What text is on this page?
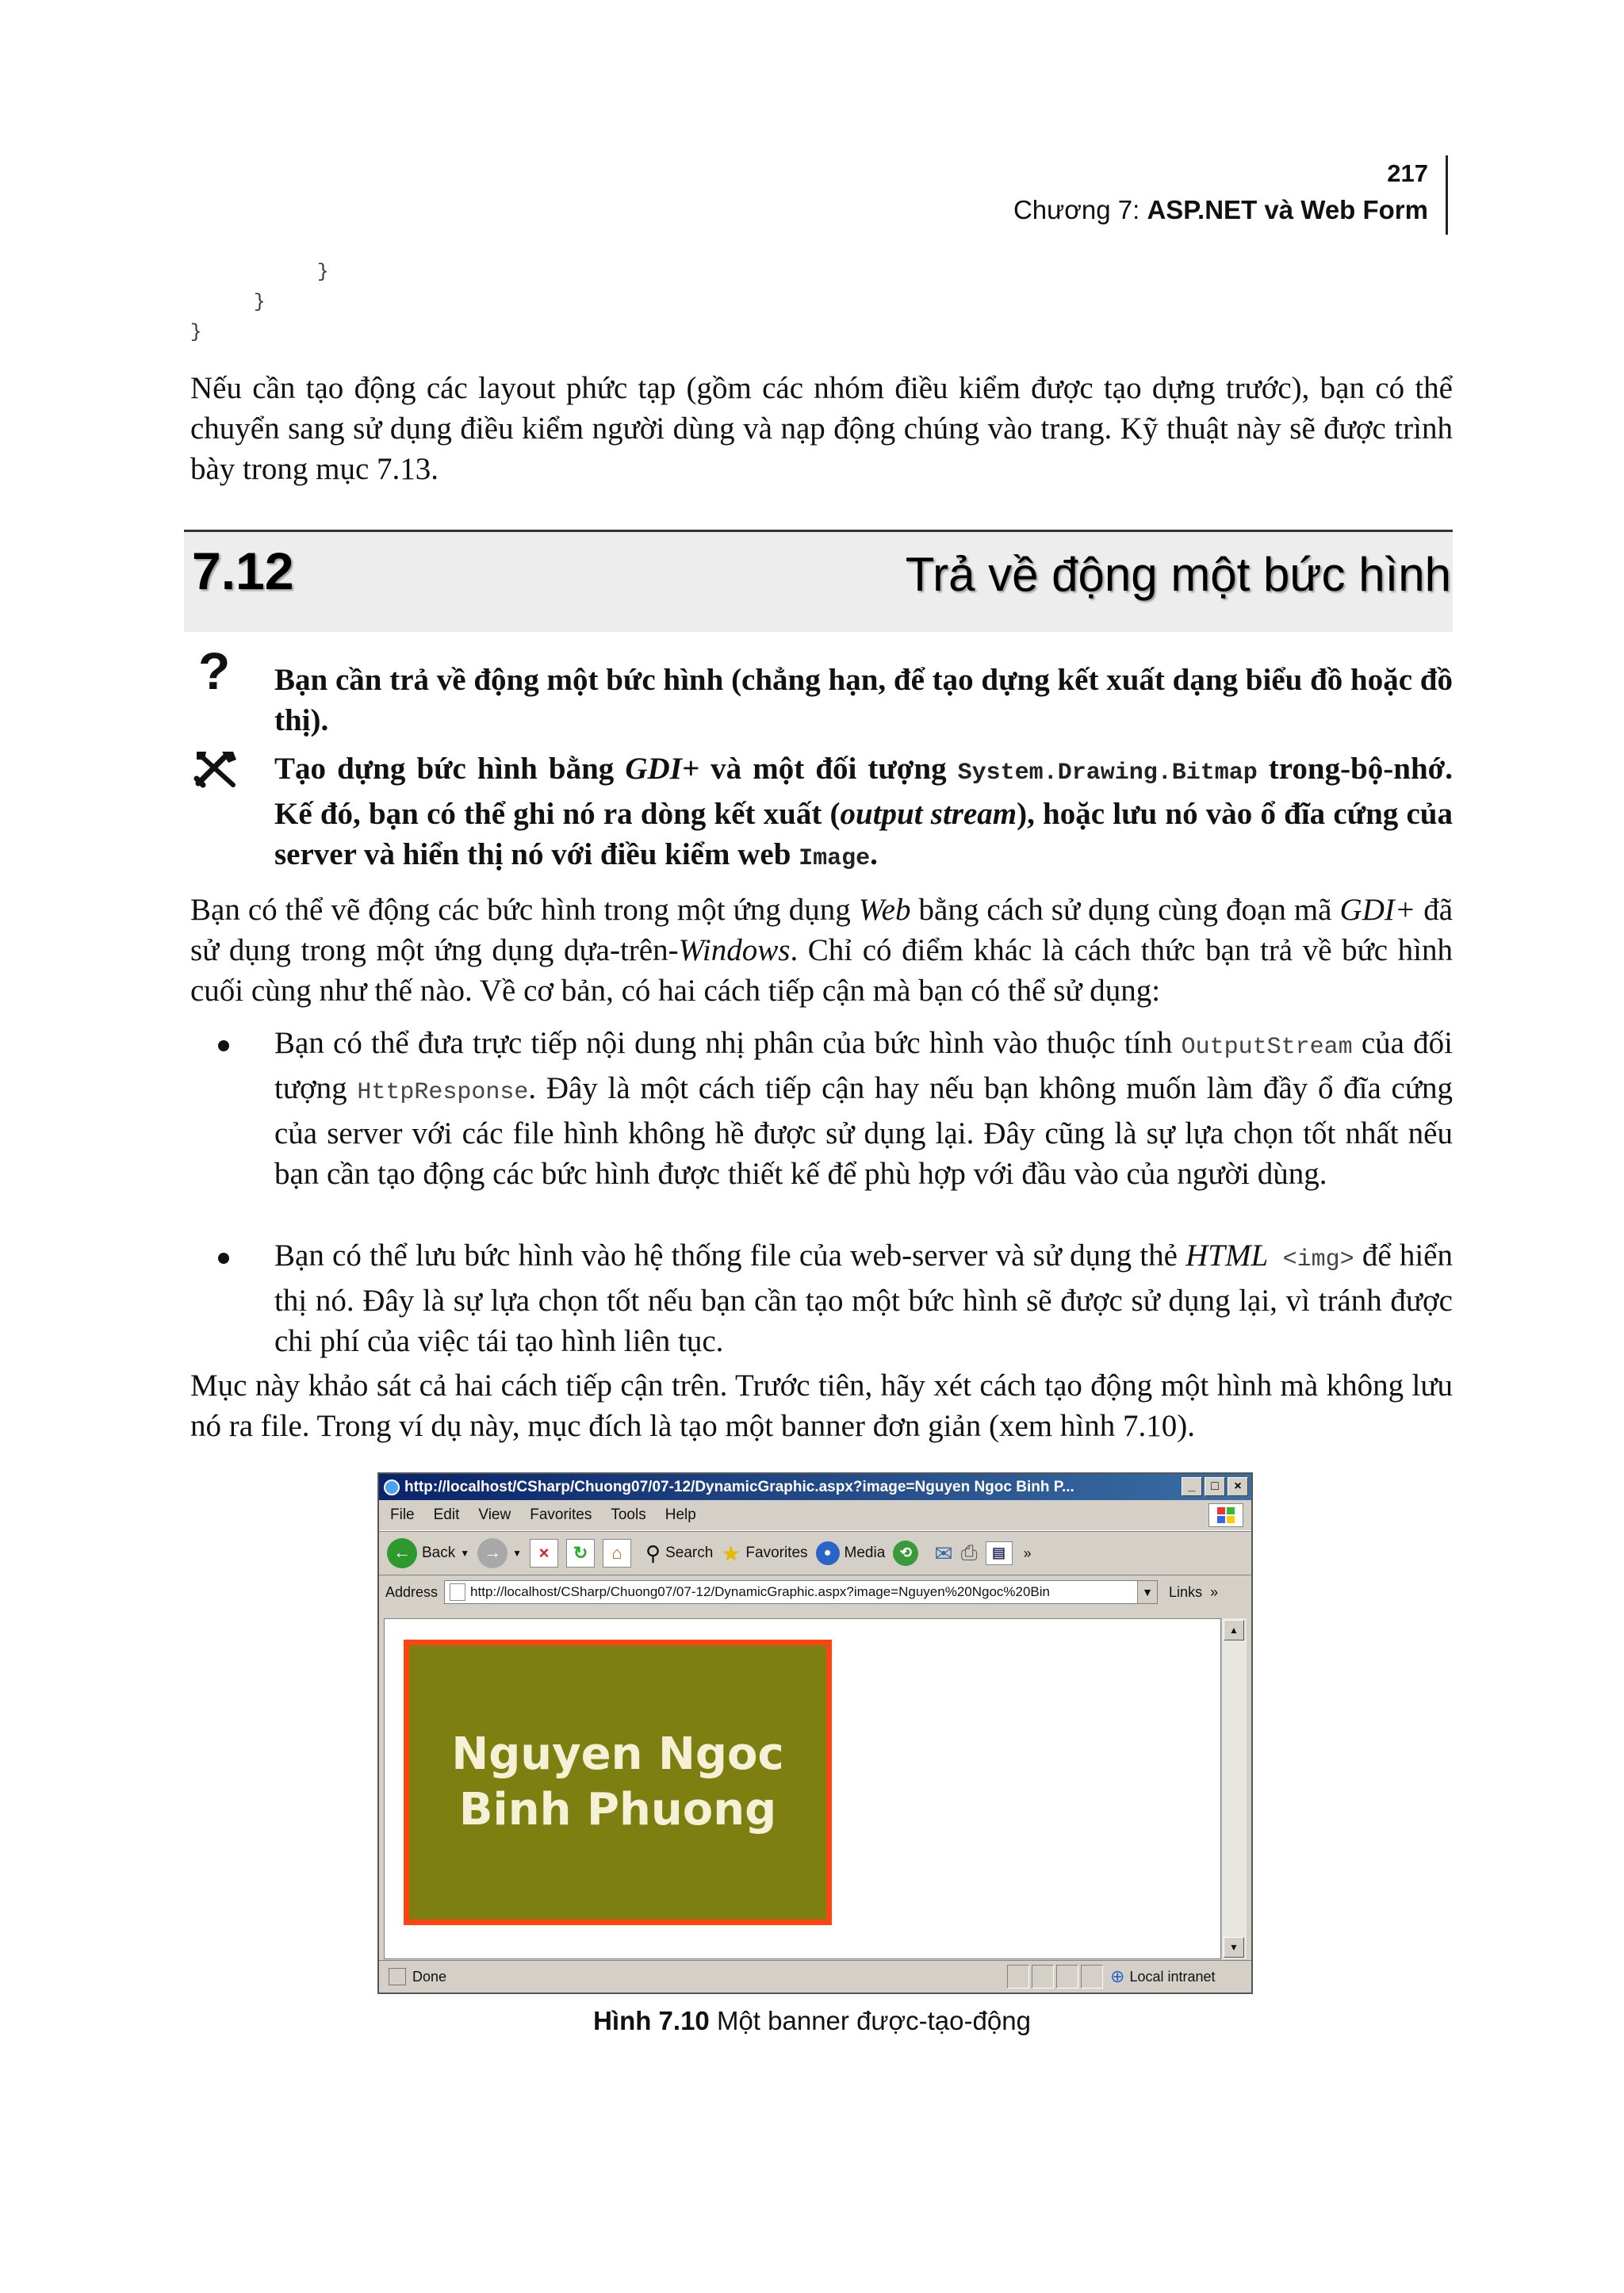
217
Chương 7: ASP.NET và Web Form
}
}
}
Nếu cần tạo động các layout phức tạp (gồm các nhóm điều kiểm được tạo dựng trước), bạn có thể chuyển sang sử dụng điều kiểm người dùng và nạp động chúng vào trang. Kỹ thuật này sẽ được trình bày trong mục 7.13.
7.12	Trả về động một bức hình
? Bạn cần trả về động một bức hình (chẳng hạn, để tạo dựng kết xuất dạng biểu đồ hoặc đồ thị).
Tạo dựng bức hình bằng GDI+ và một đối tượng System.Drawing.Bitmap trong-bộ-nhớ. Kế đó, bạn có thể ghi nó ra dòng kết xuất (output stream), hoặc lưu nó vào ổ đĩa cứng của server và hiển thị nó với điều kiểm web Image.
Bạn có thể vẽ động các bức hình trong một ứng dụng Web bằng cách sử dụng cùng đoạn mã GDI+ đã sử dụng trong một ứng dụng dựa-trên-Windows. Chỉ có điểm khác là cách thức bạn trả về bức hình cuối cùng như thế nào. Về cơ bản, có hai cách tiếp cận mà bạn có thể sử dụng:
Bạn có thể đưa trực tiếp nội dung nhị phân của bức hình vào thuộc tính OutputStream của đối tượng HttpResponse. Đây là một cách tiếp cận hay nếu bạn không muốn làm đầy ổ đĩa cứng của server với các file hình không hề được sử dụng lại. Đây cũng là sự lựa chọn tốt nhất nếu bạn cần tạo động các bức hình được thiết kế để phù hợp với đầu vào của người dùng.
Bạn có thể lưu bức hình vào hệ thống file của web-server và sử dụng thẻ HTML <img> để hiển thị nó. Đây là sự lựa chọn tốt nếu bạn cần tạo một bức hình sẽ được sử dụng lại, vì tránh được chi phí của việc tái tạo hình liên tục.
Mục này khảo sát cả hai cách tiếp cận trên. Trước tiên, hãy xét cách tạo động một hình mà không lưu nó ra file. Trong ví dụ này, mục đích là tạo một banner đơn giản (xem hình 7.10).
http://localhost/CSharp/Chuong07/07-12/DynamicGraphic.aspx?image=Nguyen Ngoc Binh P...	_	□	×
File Edit View Favorites Tools Help
← Back ▼ →	▼ ×	↻	⌂	⚲ Search ★ Favorites	● Media	⟲	✉ ⎙	▤	»
Address http://localhost/CSharp/Chuong07/07-12/DynamicGraphic.aspx?image=Nguyen%20Ngoc%20Bin	▼ Links »
Nguyen Ngoc
Binh Phuong
▲
▼
Done	⊕ Local intranet
Hình 7.10 Một banner được-tạo-động
